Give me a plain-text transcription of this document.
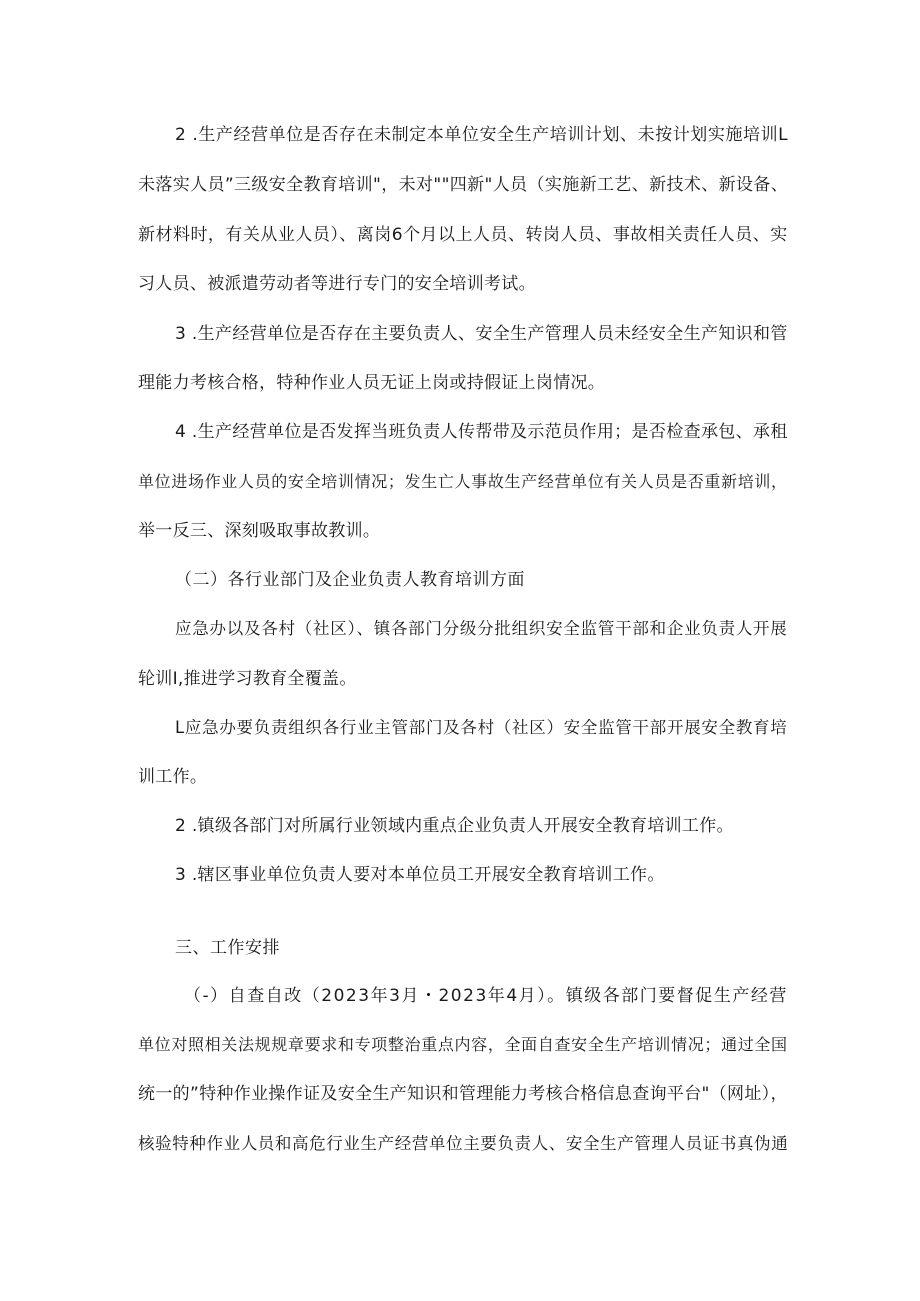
2 .生产经营单位是否存在未制定本单位安全生产培训计划、未按计划实施培训L
未落实人员”三级安全教育培训"，未对""四新"人员（实施新工艺、新技术、新设备、
新材料时，有关从业人员）、离岗6个月以上人员、转岗人员、事故相关责任人员、实
习人员、被派遣劳动者等进行专门的安全培训考试。
3 .生产经营单位是否存在主要负责人、安全生产管理人员未经安全生产知识和管
理能力考核合格，特种作业人员无证上岗或持假证上岗情况。
4 .生产经营单位是否发挥当班负责人传帮带及示范员作用；是否检查承包、承租
单位进场作业人员的安全培训情况；发生亡人事故生产经营单位有关人员是否重新培训，
举一反三、深刻吸取事故教训。
（二）各行业部门及企业负责人教育培训方面
应急办以及各村（社区）、镇各部门分级分批组织安全监管干部和企业负责人开展
轮训I,推进学习教育全覆盖。
L应急办要负责组织各行业主管部门及各村（社区）安全监管干部开展安全教育培
训工作。
2 .镇级各部门对所属行业领域内重点企业负责人开展安全教育培训工作。
3 .辖区事业单位负责人要对本单位员工开展安全教育培训工作。
三、工作安排
（-）自查自改（2023年3月・2023年4月）。镇级各部门要督促生产经营
单位对照相关法规规章要求和专项整治重点内容，全面自查安全生产培训情况；通过全国
统一的”特种作业操作证及安全生产知识和管理能力考核合格信息查询平台"（网址），
核验特种作业人员和高危行业生产经营单位主要负责人、安全生产管理人员证书真伪通
